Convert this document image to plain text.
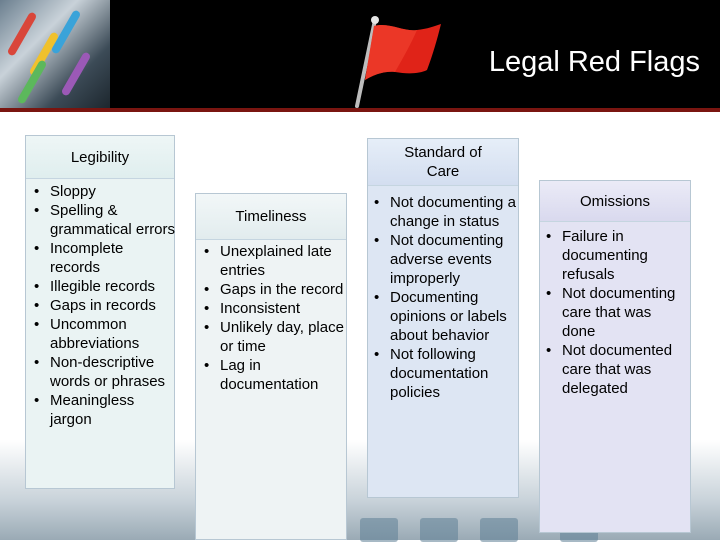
Legal Red Flags
Legibility
• Sloppy
• Spelling & grammatical errors
• Incomplete records
• Illegible records
• Gaps in records
• Uncommon abbreviations
• Non-descriptive words or phrases
• Meaningless jargon
Timeliness
• Unexplained late entries
• Gaps in the record
• Inconsistent
• Unlikely day, place or time
• Lag in documentation
Standard of Care
• Not documenting a change in status
• Not documenting adverse events improperly
• Documenting opinions or labels about behavior
• Not following documentation policies
Omissions
• Failure in documenting refusals
• Not documenting care that was done
• Not documented care that was delegated
